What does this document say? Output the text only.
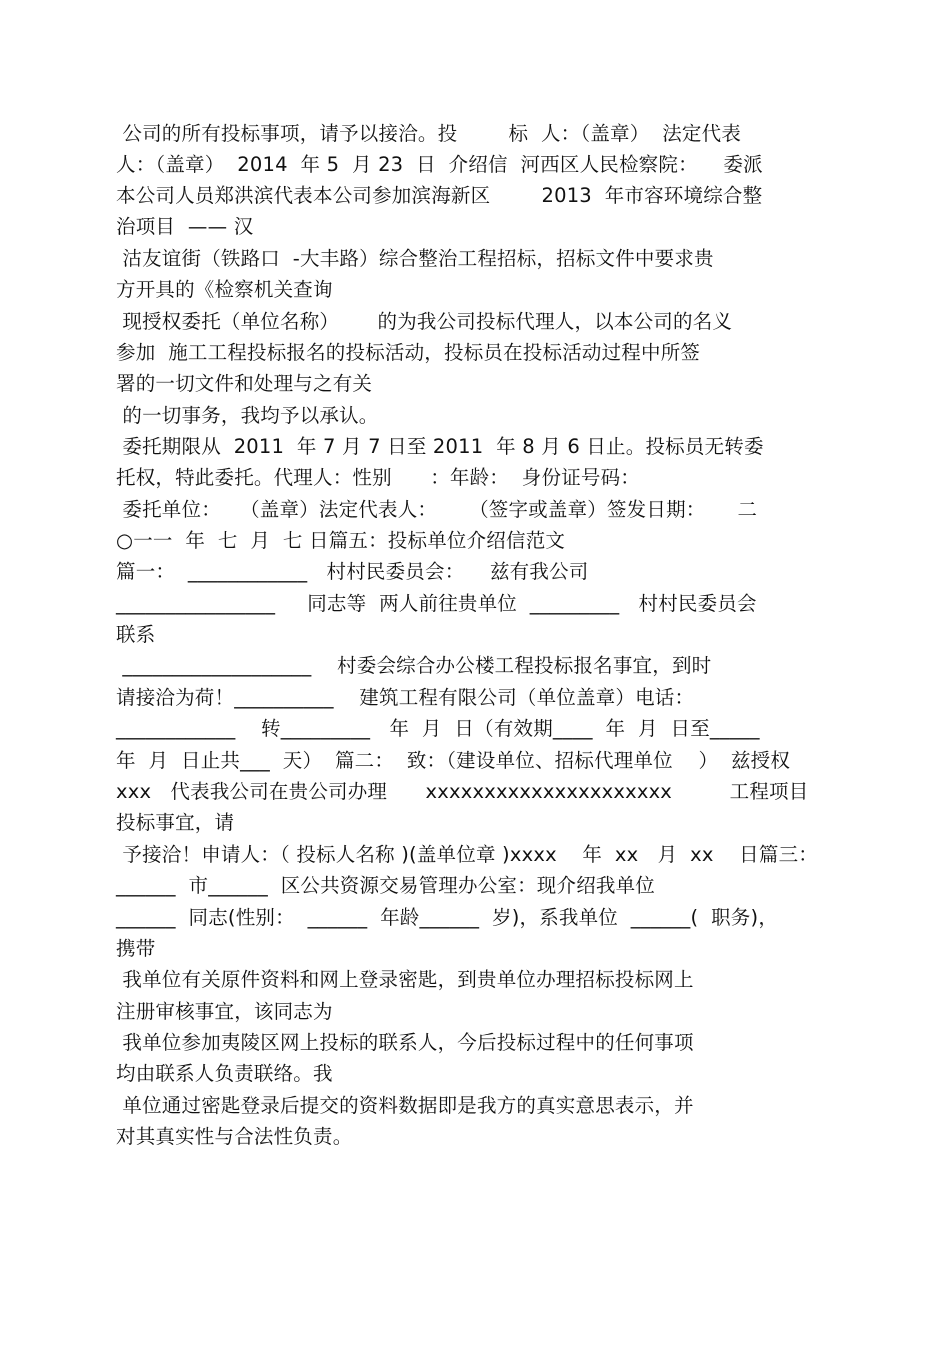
公司的所有投标事项，请予以接洽。投        标  人：（盖章）  法定代表
人：（盖章）  2014  年 5  月 23  日  介绍信  河西区人民检察院：    委派
本公司人员郑洪滨代表本公司参加滨海新区        2013  年市容环境综合整
治项目  —— 汉
沽友谊街（铁路口  -大丰路）综合整治工程招标，招标文件中要求贵
方开具的《检察机关查询
现授权委托（单位名称）      的为我公司投标代理人，以本公司的名义
参加  施工工程投标报名的投标活动，投标员在投标活动过程中所签
署的一切文件和处理与之有关
的一切事务，我均予以承认。
委托期限从  2011  年 7 月 7 日至 2011  年 8 月 6 日止。投标员无转委
托权，特此委托。代理人：性别      ：年龄：  身份证号码：
委托单位：   （盖章）法定代表人：     （签字或盖章）签发日期：     二
○一一  年  七  月  七 日篇五：投标单位介绍信范文
篇一：  ____________   村村民委员会：    兹有我公司
________________     同志等  两人前往贵单位  _________   村村民委员会
联系
___________________    村委会综合办公楼工程投标报名事宜，到时
请接洽为荷！__________    建筑工程有限公司（单位盖章）电话：
____________    转_________   年  月  日（有效期____  年  月  日至_____
年  月  日止共___  天）  篇二：  致：（建设单位、招标代理单位    ）  兹授权
xxx   代表我公司在贵公司办理      xxxxxxxxxxxxxxxxxxxxx         工程项目
投标事宜，请
予接洽！申请人：（ 投标人名称 )(盖单位章 )xxxx    年  xx   月  xx    日篇三：
______  市______  区公共资源交易管理办公室：现介绍我单位
______  同志(性别：  ______  年龄______  岁)，系我单位  ______(  职务)，
携带
我单位有关原件资料和网上登录密匙，到贵单位办理招标投标网上
注册审核事宜，该同志为
我单位参加夷陵区网上投标的联系人，今后投标过程中的任何事项
均由联系人负责联络。我
单位通过密匙登录后提交的资料数据即是我方的真实意思表示，并
对其真实性与合法性负责。
